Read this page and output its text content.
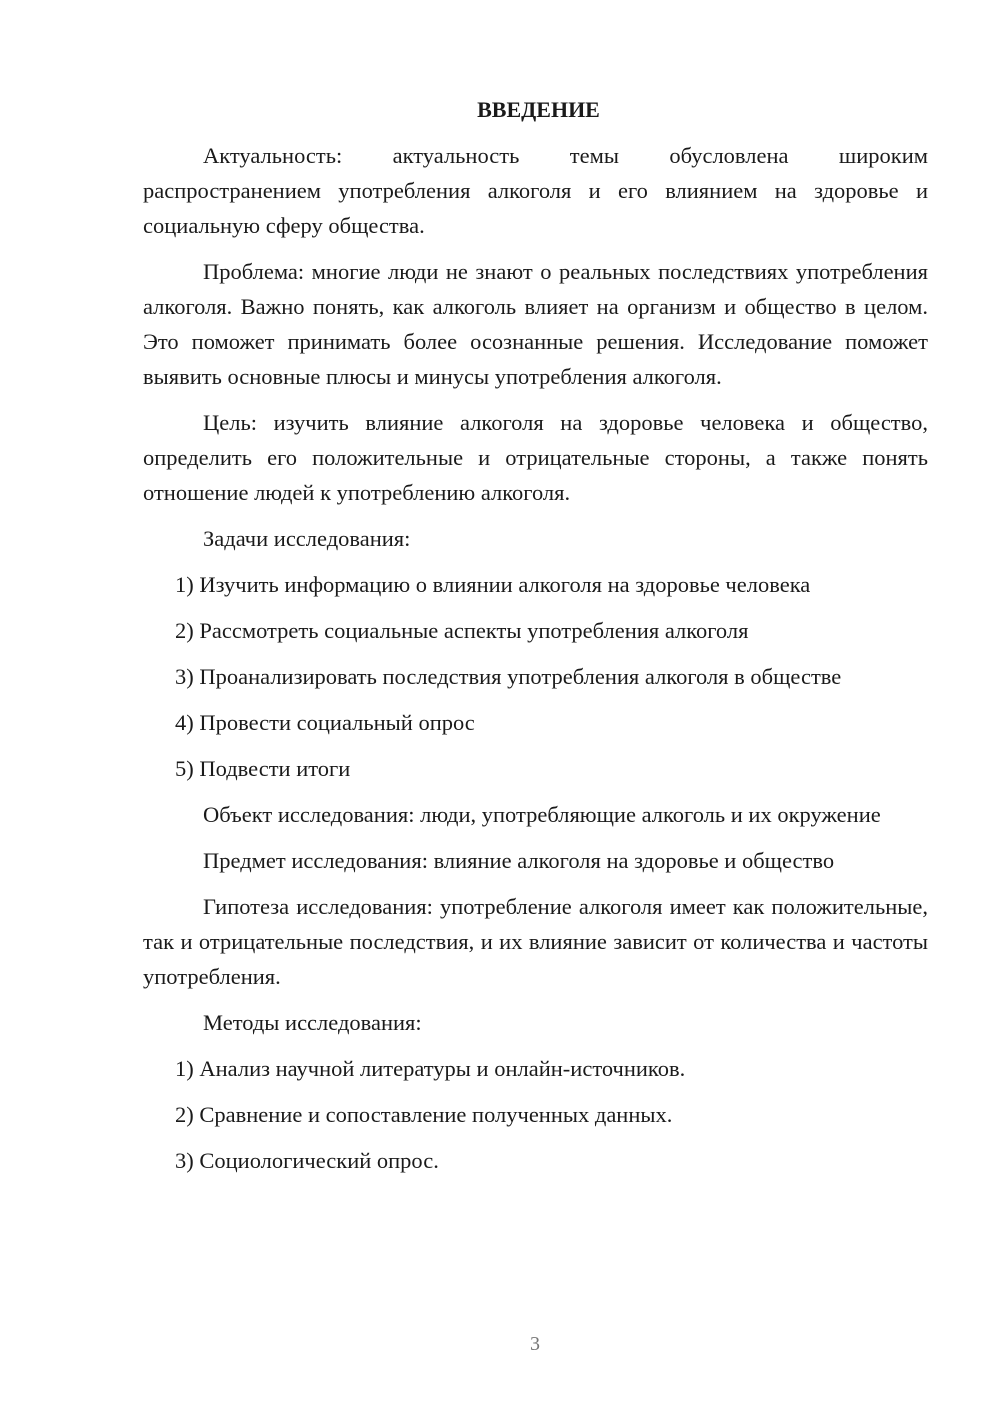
ВВЕДЕНИЕ

Актуальность: актуальность темы обусловлена широким распространением употребления алкоголя и его влиянием на здоровье и социальную сферу общества.

Проблема: многие люди не знают о реальных последствиях употребления алкоголя. Важно понять, как алкоголь влияет на организм и общество в целом. Это поможет принимать более осознанные решения. Исследование поможет выявить основные плюсы и минусы употребления алкоголя.

Цель: изучить влияние алкоголя на здоровье человека и общество, определить его положительные и отрицательные стороны, а также понять отношение людей к употреблению алкоголя.

Задачи исследования:
1) Изучить информацию о влиянии алкоголя на здоровье человека
2) Рассмотреть социальные аспекты употребления алкоголя
3) Проанализировать последствия употребления алкоголя в обществе
4) Провести социальный опрос
5) Подвести итоги

Объект исследования: люди, употребляющие алкоголь и их окружение

Предмет исследования: влияние алкоголя на здоровье и общество

Гипотеза исследования: употребление алкоголя имеет как положительные, так и отрицательные последствия, и их влияние зависит от количества и частоты употребления.

Методы исследования:
1) Анализ научной литературы и онлайн-источников.
2) Сравнение и сопоставление полученных данных.
3) Социологический опрос.
3
